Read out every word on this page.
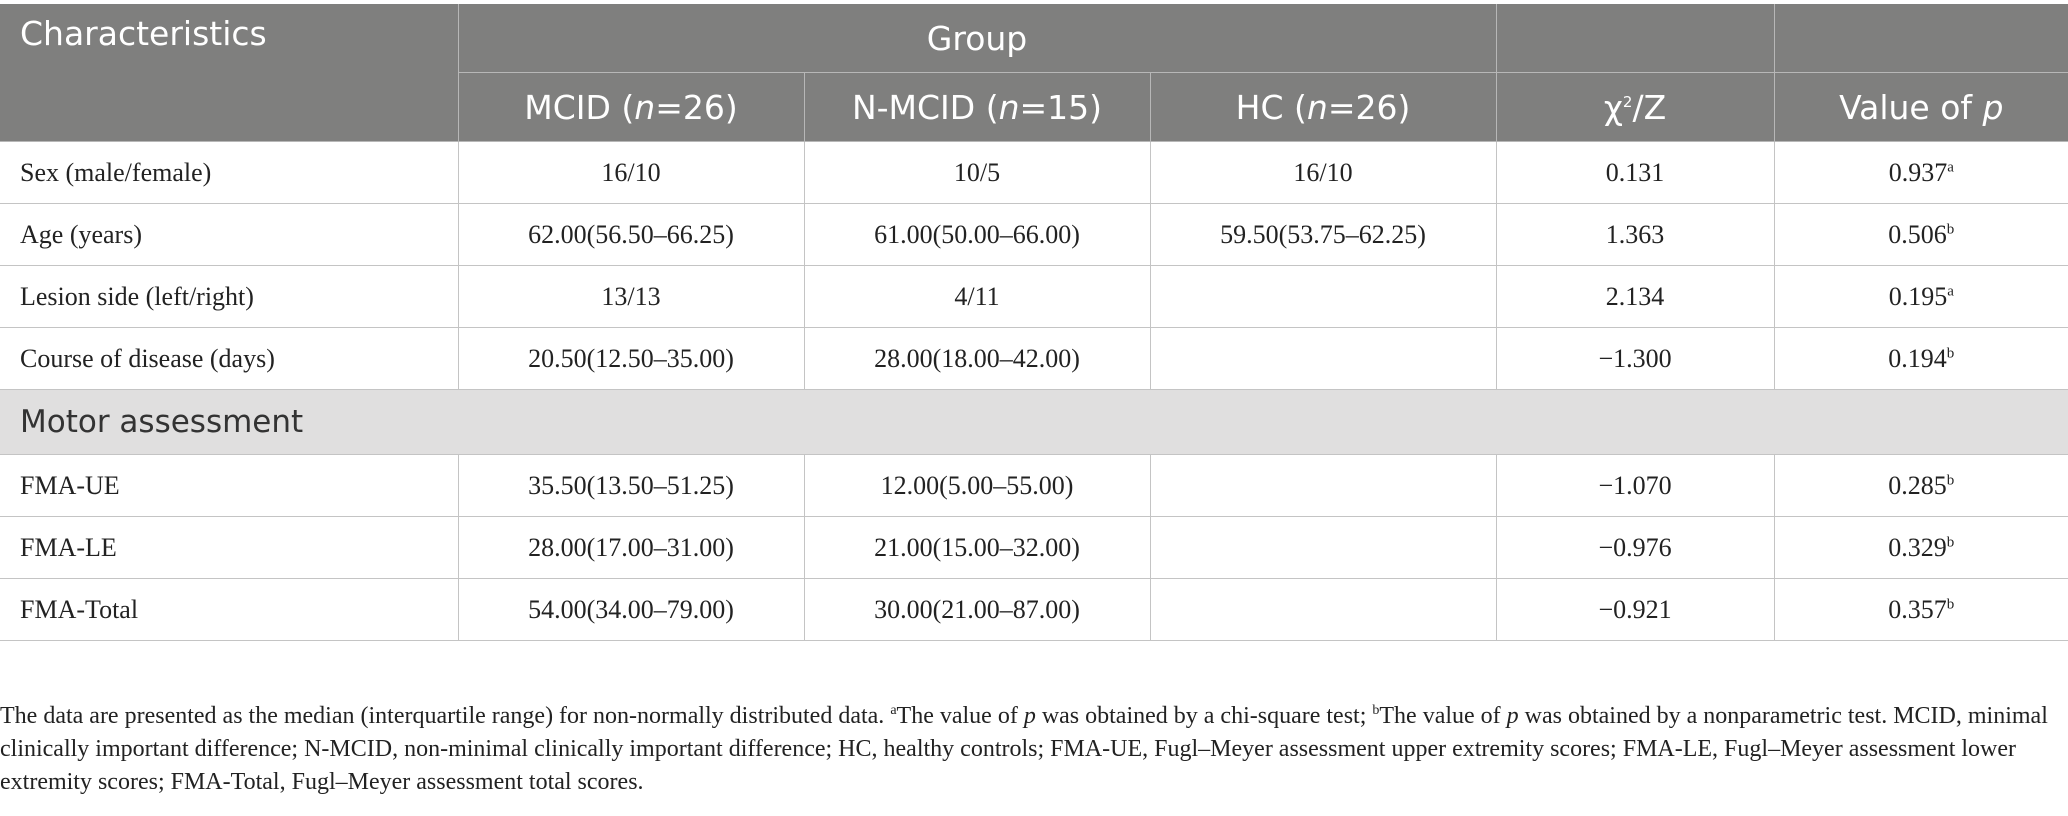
Characteristics	Group				
	MCID (n=26)	N-MCID (n=15)	HC (n=26)	$\chi^2/Z$	Value of p
Sex (male/female)	16/10	10/5	16/10	0.131	0.937$^a$
Age (years)	62.00(56.50–66.25)	61.00(50.00–66.00)	59.50(53.75–62.25)	1.363	0.506$^b$
Lesion side (left/right)	13/13	4/11		2.134	0.195$^a$
Course of disease (days)	20.50(12.50–35.00)	28.00(18.00–42.00)		−1.300	0.194$^b$
Motor assessment					
FMA-UE	35.50(13.50–51.25)	12.00(5.00–55.00)		−1.070	0.285$^b$
FMA-LE	28.00(17.00–31.00)	21.00(15.00–32.00)		−0.976	0.329$^b$
FMA-Total	54.00(34.00–79.00)	30.00(21.00–87.00)		−0.921	0.357$^b$
The data are presented as the median (interquartile range) for non-normally distributed data. $^a$The value of p was obtained by a chi-square test; $^b$The value of p was obtained by a nonparametric test. MCID, minimal clinically important difference; N-MCID, non-minimal clinically important difference; HC, healthy controls; FMA-UE, Fugl–Meyer assessment upper extremity scores; FMA-LE, Fugl–Meyer assessment lower extremity scores; FMA-Total, Fugl–Meyer assessment total scores.
